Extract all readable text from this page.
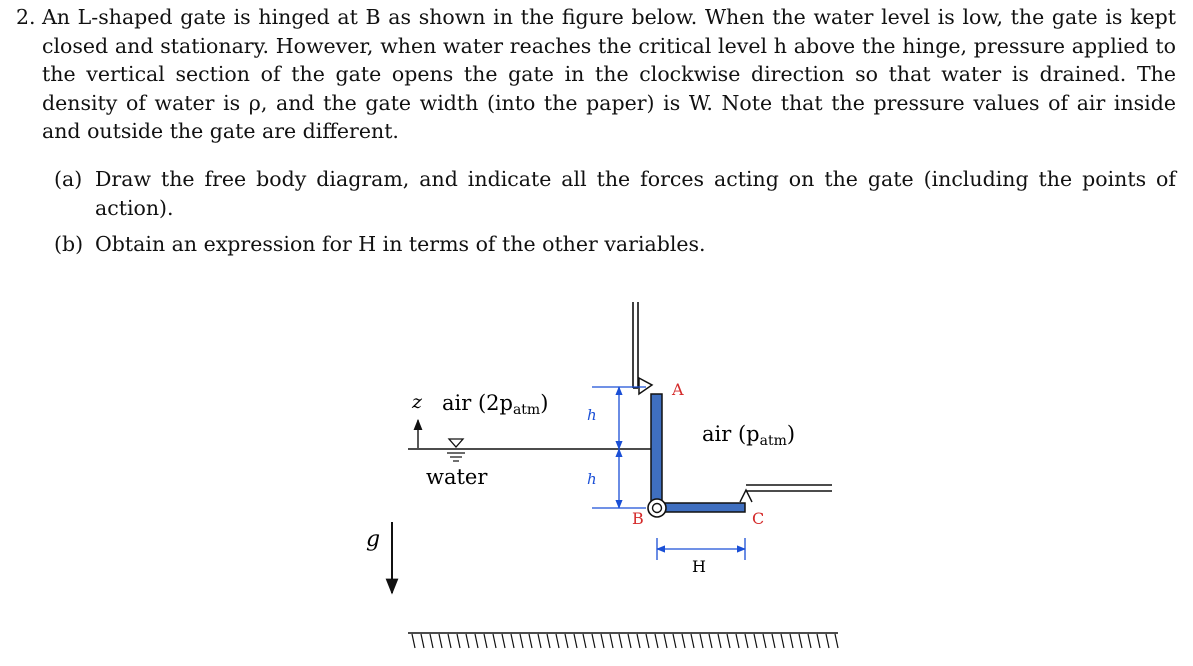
2. An L-shaped gate is hinged at B as shown in the figure below. When the water level is low, the gate is kept closed and stationary. However, when water reaches the critical level h above the hinge, pressure applied to the vertical section of the gate opens the gate in the clockwise direction so that water is drained. The density of water is ρ, and the gate width (into the paper) is W. Note that the pressure values of air inside and outside the gate are different.
(a) Draw the free body diagram, and indicate all the forces acting on the gate (including the points of action).
(b) Obtain an expression for H in terms of the other variables.
z air (2patm)
water
air (patm)
A
B	C
h
h
H
g
